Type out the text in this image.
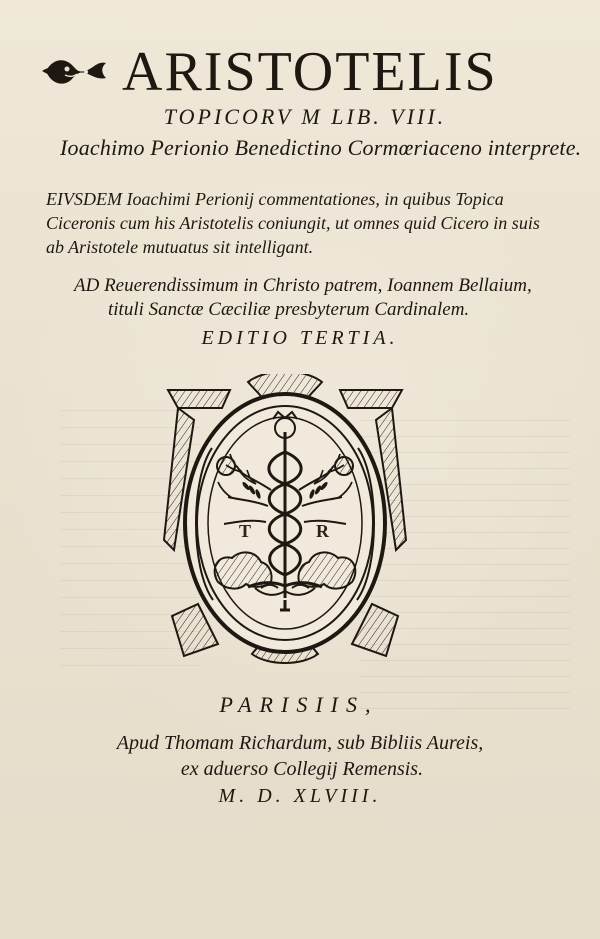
ARISTOTELIS
TOPICORV M LIB. VIII.
Ioachimo Perionio Benedictino Cormœriaceno interprete.
EIVSDEM Ioachimi Perionij commentationes, in quibus Topica
Ciceronis cum his Aristotelis coniungit, ut omnes quid Cicero in suis
ab Aristotele mutuatus sit intelligant.
AD Reuerendissimum in Christo patrem, Ioannem Bellaium,
tituli Sanctæ Cæciliæ presbyterum Cardinalem.
EDITIO TERTIA.
T	R
PARISIIS,
Apud Thomam Richardum, sub Bibliis Aureis,
ex aduerso Collegij Remensis.
M. D. XLVIII.
